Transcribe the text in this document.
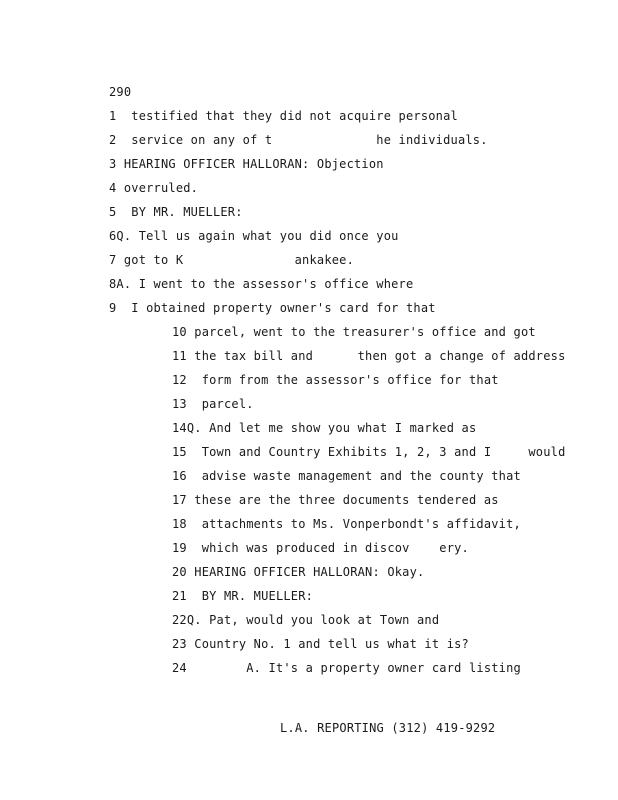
290
1  testified that they did not acquire personal
2  service on any of t              he individuals.
3 HEARING OFFICER HALLORAN: Objection
4 overruled.
5  BY MR. MUELLER:
6Q. Tell us again what you did once you
7 got to K               ankakee.
8A. I went to the assessor's office where
9  I obtained property owner's card for that
10 parcel, went to the treasurer's office and got
11 the tax bill and      then got a change of address
12  form from the assessor's office for that
13  parcel.
14Q. And let me show you what I marked as
15  Town and Country Exhibits 1, 2, 3 and I     would
16  advise waste management and the county that
17 these are the three documents tendered as
18  attachments to Ms. Vonperbondt's affidavit,
19  which was produced in discov    ery.
20 HEARING OFFICER HALLORAN: Okay.
21  BY MR. MUELLER:
22Q. Pat, would you look at Town and
23 Country No. 1 and tell us what it is?
24        A. It's a property owner card listing
L.A. REPORTING (312) 419-9292
